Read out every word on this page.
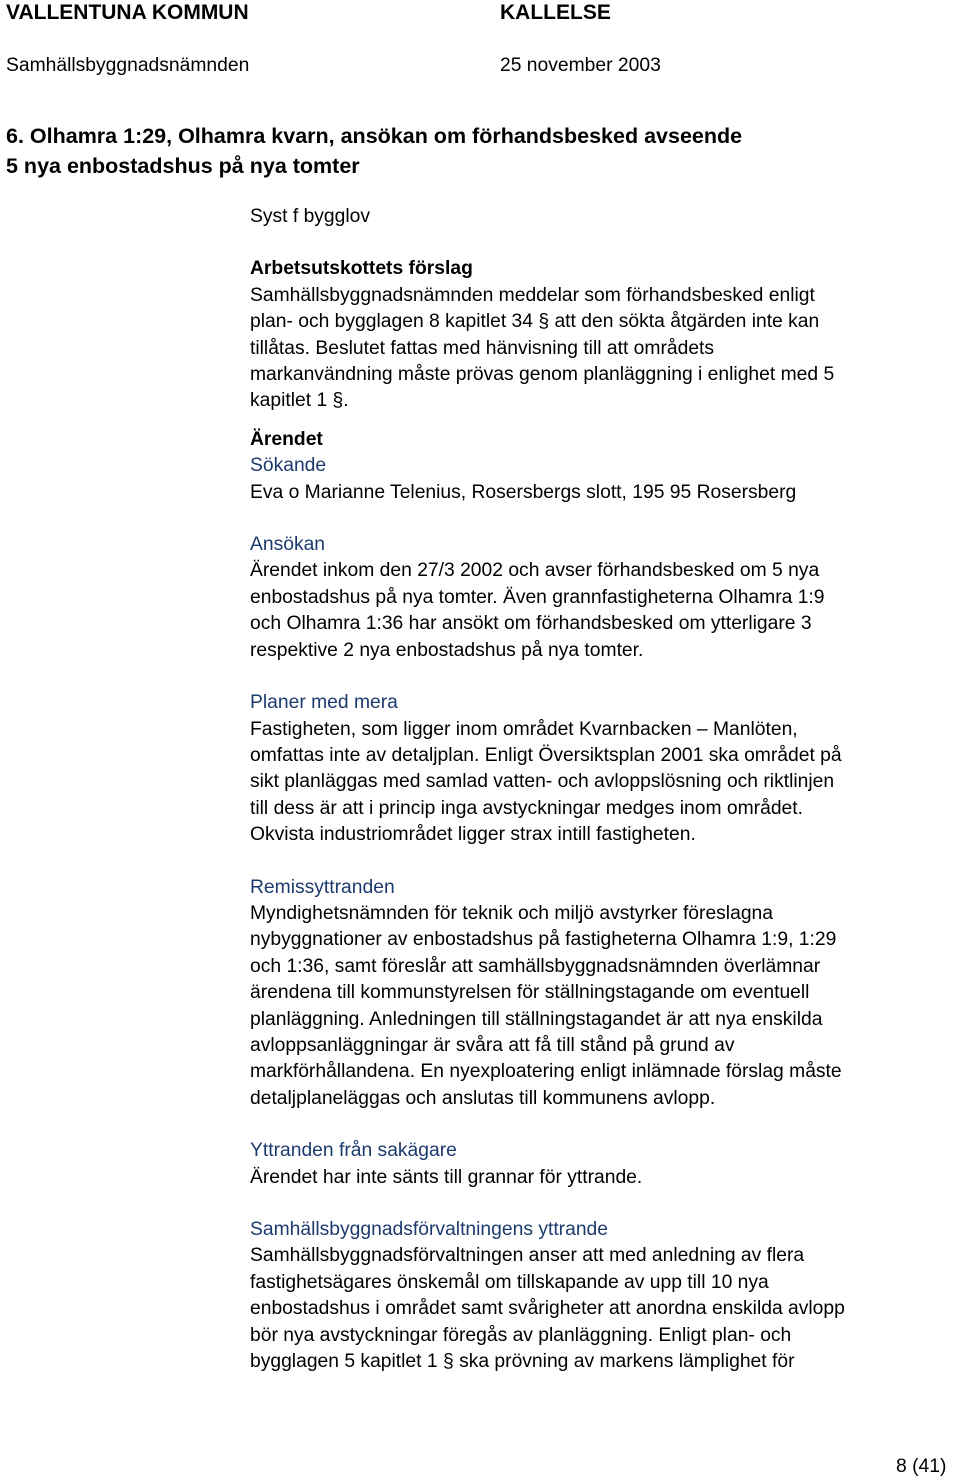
VALLENTUNA KOMMUN	KALLELSE
Samhällsbyggnadsnämnden	25 november 2003
6. Olhamra 1:29, Olhamra kvarn, ansökan om förhandsbesked avseende
5 nya enbostadshus på nya tomter

Syst f bygglov

Arbetsutskottets förslag

Samhällsbyggnadsnämnden meddelar som förhandsbesked enligt

plan- och bygglagen 8 kapitlet 34 § att den sökta åtgärden inte kan

tillåtas. Beslutet fattas med hänvisning till att områdets

markanvändning måste prövas genom planläggning i enlighet med 5

kapitlet 1 §.

Ärendet

Sökande

Eva o Marianne Telenius, Rosersbergs slott, 195 95 Rosersberg

Ansökan

Ärendet inkom den 27/3 2002 och avser förhandsbesked om 5 nya

enbostadshus på nya tomter. Även grannfastigheterna Olhamra 1:9

och Olhamra 1:36 har ansökt om förhandsbesked om ytterligare 3

respektive 2 nya enbostadshus på nya tomter.

Planer med mera

Fastigheten, som ligger inom området Kvarnbacken – Manlöten,

omfattas inte av detaljplan. Enligt Översiktsplan 2001 ska området på

sikt planläggas med samlad vatten- och avloppslösning och riktlinjen

till dess är att i princip inga avstyckningar medges inom området.

Okvista industriområdet ligger strax intill fastigheten.

Remissyttranden

Myndighetsnämnden för teknik och miljö avstyrker föreslagna

nybyggnationer av enbostadshus på fastigheterna Olhamra 1:9, 1:29

och 1:36, samt föreslår att samhällsbyggnadsnämnden överlämnar

ärendena till kommunstyrelsen för ställningstagande om eventuell

planläggning. Anledningen till ställningstagandet är att nya enskilda

avloppsanläggningar är svåra att få till stånd på grund av

markförhållandena. En nyexploatering enligt inlämnade förslag måste

detaljplaneläggas och anslutas till kommunens avlopp.

Yttranden från sakägare

Ärendet har inte sänts till grannar för yttrande.

Samhällsbyggnadsförvaltningens yttrande

Samhällsbyggnadsförvaltningen anser att med anledning av flera

fastighetsägares önskemål om tillskapande av upp till 10 nya

enbostadshus i området samt svårigheter att anordna enskilda avlopp

bör nya avstyckningar föregås av planläggning. Enligt plan- och

bygglagen 5 kapitlet 1 § ska prövning av markens lämplighet för

8 (41)
